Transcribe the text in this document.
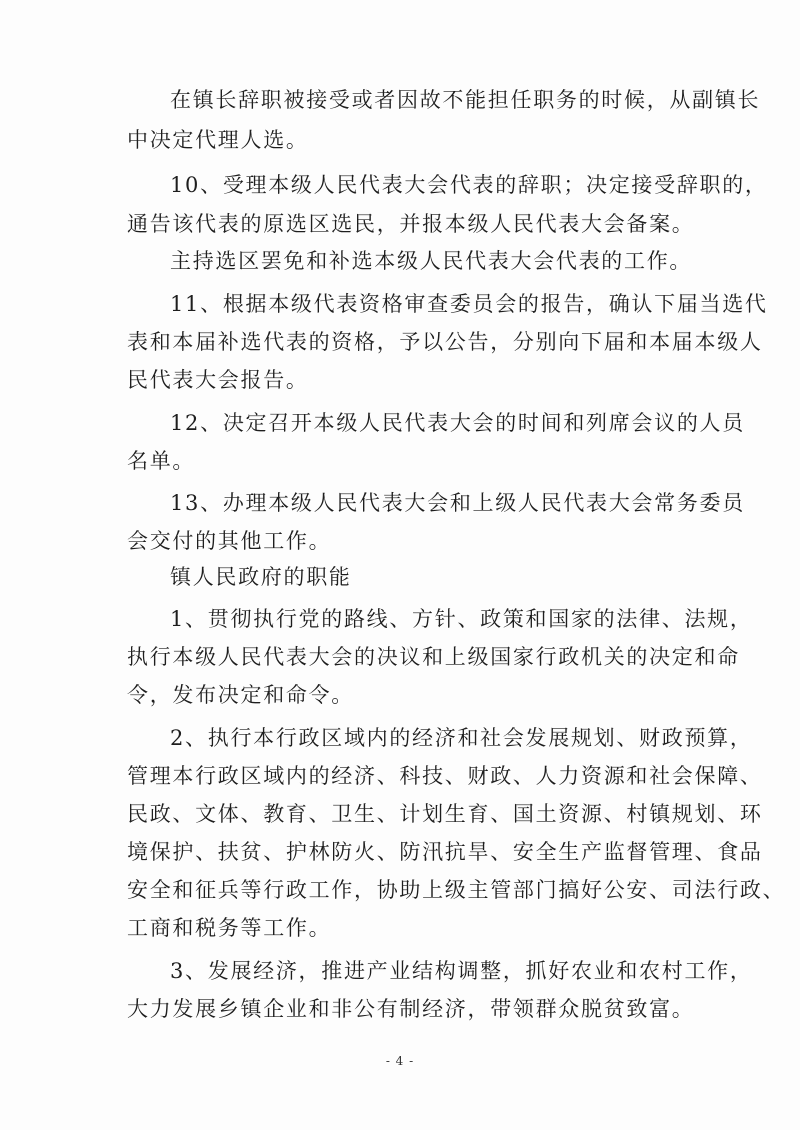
在镇长辞职被接受或者因故不能担任职务的时候，从副镇长
中决定代理人选。
10、受理本级人民代表大会代表的辞职；决定接受辞职的，
通告该代表的原选区选民，并报本级人民代表大会备案。
主持选区罢免和补选本级人民代表大会代表的工作。
11、根据本级代表资格审查委员会的报告，确认下届当选代
表和本届补选代表的资格，予以公告，分别向下届和本届本级人
民代表大会报告。
12、决定召开本级人民代表大会的时间和列席会议的人员
名单。
13、办理本级人民代表大会和上级人民代表大会常务委员
会交付的其他工作。
镇人民政府的职能
1、贯彻执行党的路线、方针、政策和国家的法律、法规，
执行本级人民代表大会的决议和上级国家行政机关的决定和命
令，发布决定和命令。
2、执行本行政区域内的经济和社会发展规划、财政预算，
管理本行政区域内的经济、科技、财政、人力资源和社会保障、
民政、文体、教育、卫生、计划生育、国土资源、村镇规划、环
境保护、扶贫、护林防火、防汛抗旱、安全生产监督管理、食品
安全和征兵等行政工作，协助上级主管部门搞好公安、司法行政、
工商和税务等工作。
3、发展经济，推进产业结构调整，抓好农业和农村工作，
大力发展乡镇企业和非公有制经济，带领群众脱贫致富。
- 4 -
